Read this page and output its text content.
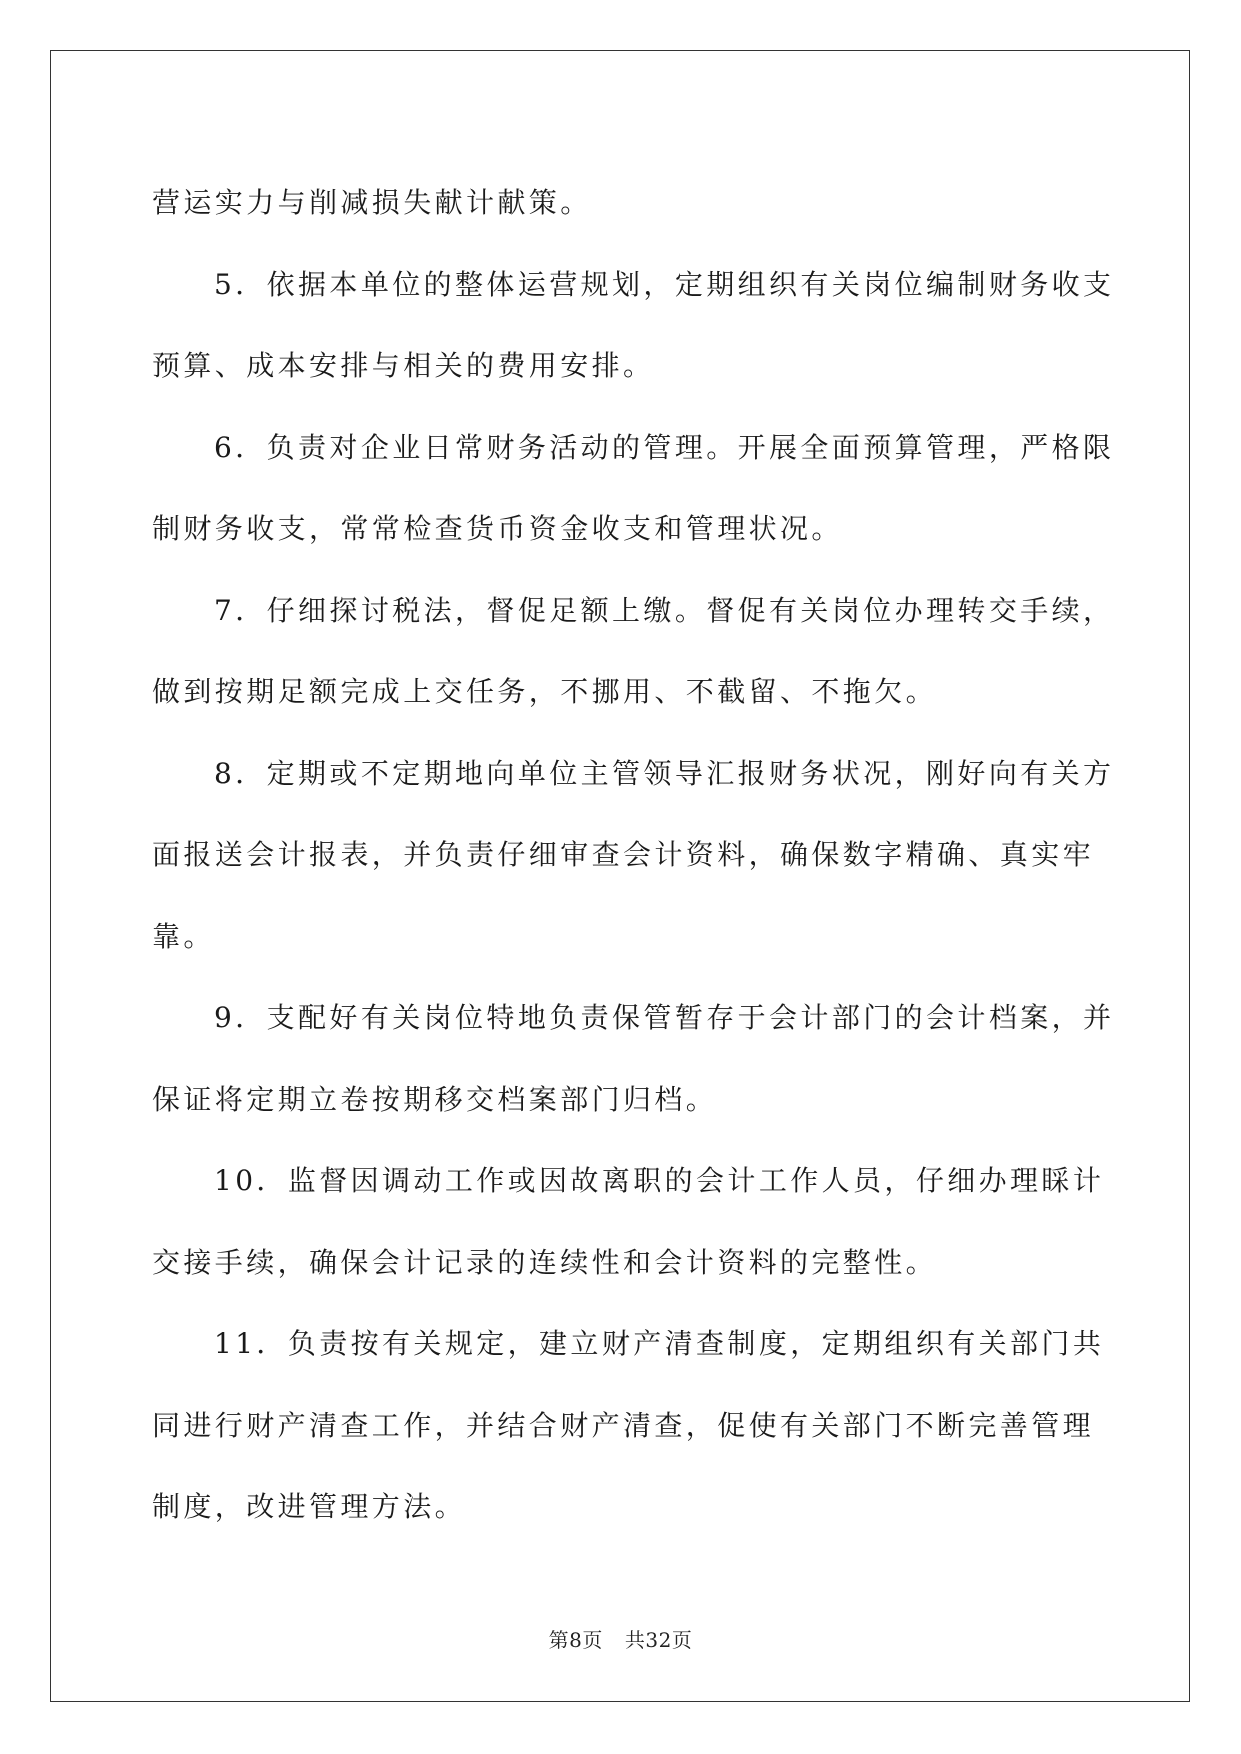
营运实力与削减损失献计献策。
5．依据本单位的整体运营规划，定期组织有关岗位编制财务收支
预算、成本安排与相关的费用安排。
6．负责对企业日常财务活动的管理。开展全面预算管理，严格限
制财务收支，常常检查货币资金收支和管理状况。
7．仔细探讨税法，督促足额上缴。督促有关岗位办理转交手续，
做到按期足额完成上交任务，不挪用、不截留、不拖欠。
8．定期或不定期地向单位主管领导汇报财务状况，刚好向有关方
面报送会计报表，并负责仔细审查会计资料，确保数字精确、真实牢
靠。
9．支配好有关岗位特地负责保管暂存于会计部门的会计档案，并
保证将定期立卷按期移交档案部门归档。
10．监督因调动工作或因故离职的会计工作人员，仔细办理睬计
交接手续，确保会计记录的连续性和会计资料的完整性。
11．负责按有关规定，建立财产清查制度，定期组织有关部门共
同进行财产清查工作，并结合财产清查，促使有关部门不断完善管理
制度，改进管理方法。
第8页 共32页
